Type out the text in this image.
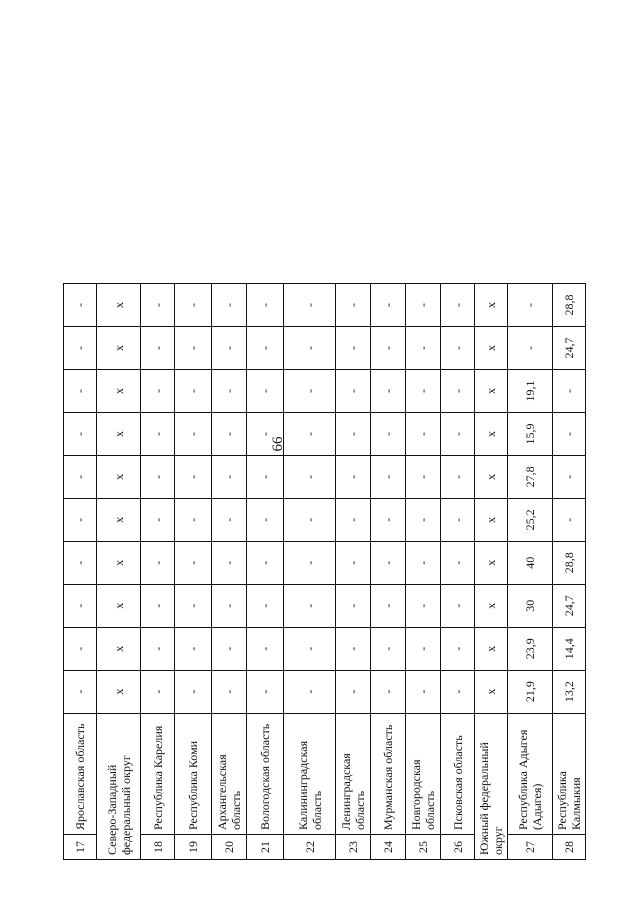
66
17	Ярославская область	-	-	-	-	-	-	-	-	-	-
Северо-Западный федеральный округ		x	x	x	x	x	x	x	x	x	x
18	Республика Карелия	-	-	-	-	-	-	-	-	-	-
19	Республика Коми	-	-	-	-	-	-	-	-	-	-
20	Архангельская область	-	-	-	-	-	-	-	-	-	-
21	Вологодская область	-	-	-	-	-	-	-	-	-	-
22	Калининградская область	-	-	-	-	-	-	-	-	-	-
23	Ленинградская область	-	-	-	-	-	-	-	-	-	-
24	Мурманская область	-	-	-	-	-	-	-	-	-	-
25	Новгородская область	-	-	-	-	-	-	-	-	-	-
26	Псковская область	-	-	-	-	-	-	-	-	-	-
Южный федеральный округ		x	x	x	x	x	x	x	x	x	x
27	Республика Адыгея (Адыгея)	21,9	23,9	30	40	25,2	27,8	15,9	19,1	-	-
28	Республика Калмыкия	13,2	14,4	24,7	28,8	-	-	-	-	24,7	28,8
